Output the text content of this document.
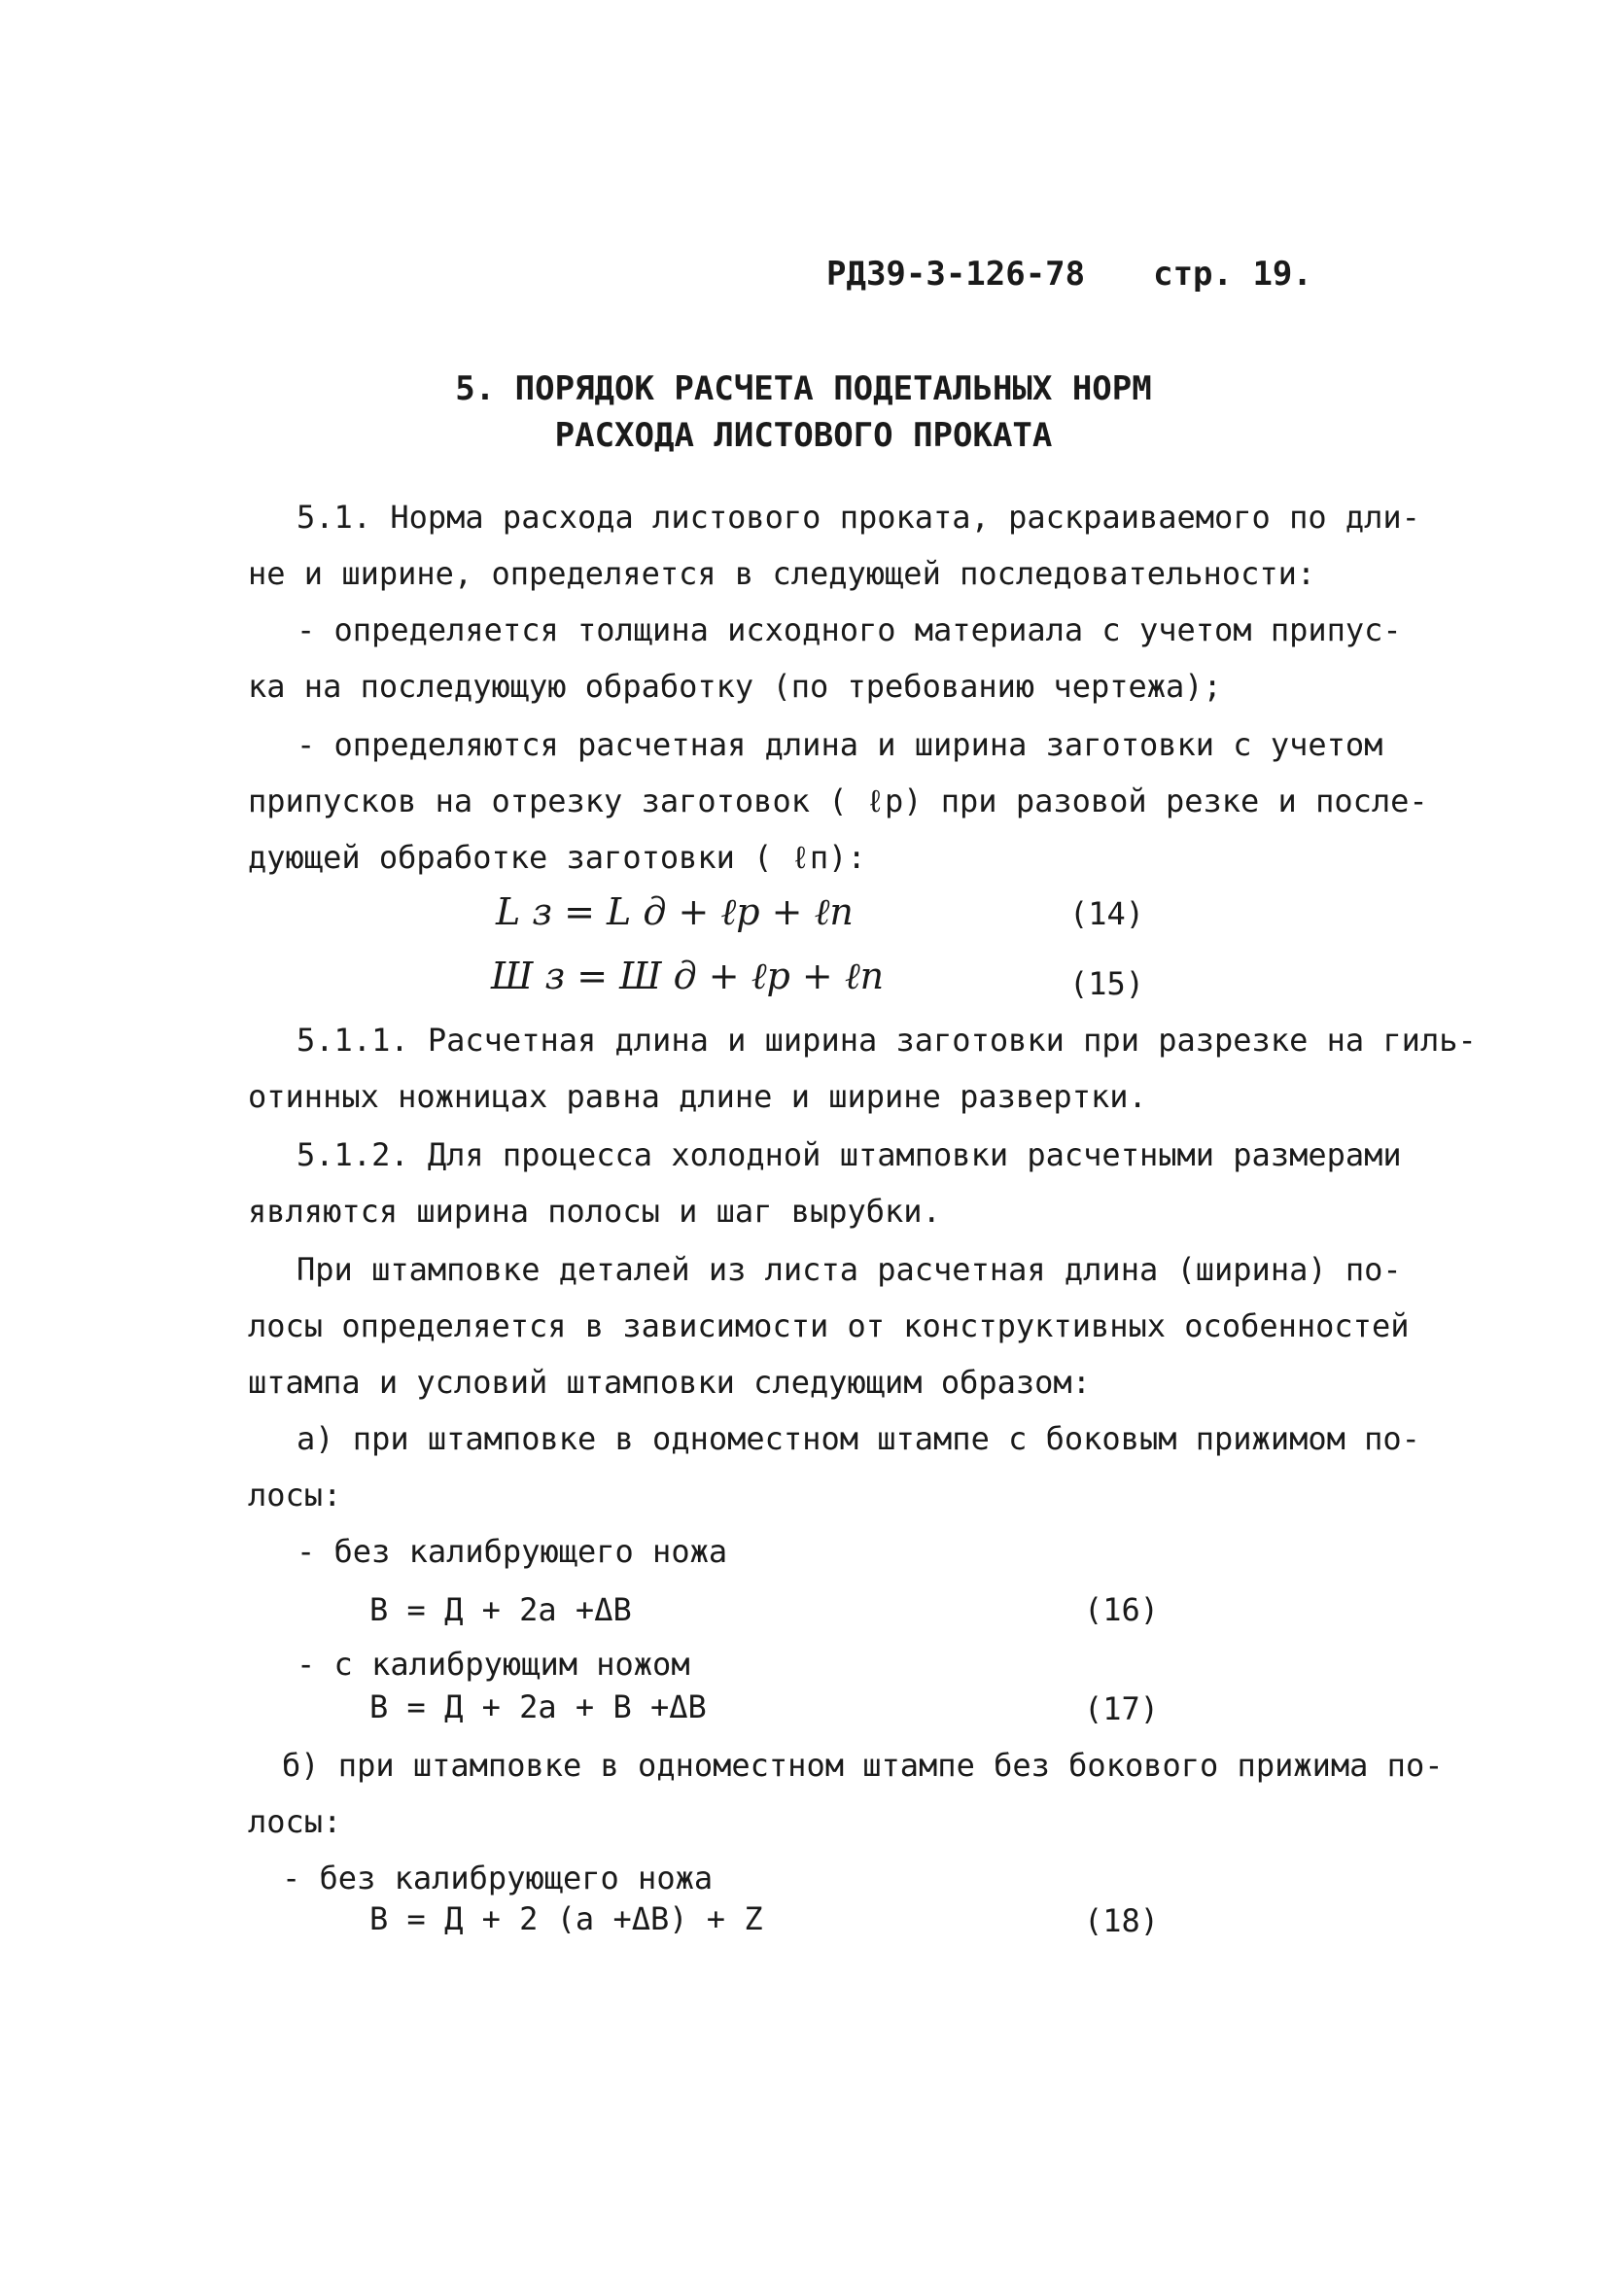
РД39-3-126-78 стр. 19.
5. ПОРЯДОК РАСЧЕТА ПОДЕТАЛЬНЫХ НОРМ
РАСХОДА ЛИСТОВОГО ПРОКАТА
5.1. Норма расхода листового проката, раскраиваемого по дли-
не и ширине, определяется в следующей последовательности:
- определяется толщина исходного материала с учетом припус-
ка на последующую обработку (по требованию чертежа);
- определяются расчетная длина и ширина заготовки с учетом
припусков на отрезку заготовок ( ℓр) при разовой резке и после-
дующей обработке заготовки ( ℓп):
L з = L д + ℓр + ℓп	(14)
Ш з = Ш д + ℓр + ℓп	(15)
5.1.1. Расчетная длина и ширина заготовки при разрезке на гиль-
отинных ножницах равна длине и ширине развертки.
5.1.2. Для процесса холодной штамповки расчетными размерами
являются ширина полосы и шаг вырубки.
При штамповке деталей из листа расчетная длина (ширина) по-
лосы определяется в зависимости от конструктивных особенностей
штампа и условий штамповки следующим образом:
а) при штамповке в одноместном штампе с боковым прижимом по-
лосы:
- без калибрующего ножа
В = Д + 2а +ΔВ	(16)
- с калибрующим ножом
В = Д + 2а + В +ΔВ	(17)
б) при штамповке в одноместном штампе без бокового прижима по-
лосы:
- без калибрующего ножа
В = Д + 2 (а +ΔВ) + Z	(18)
